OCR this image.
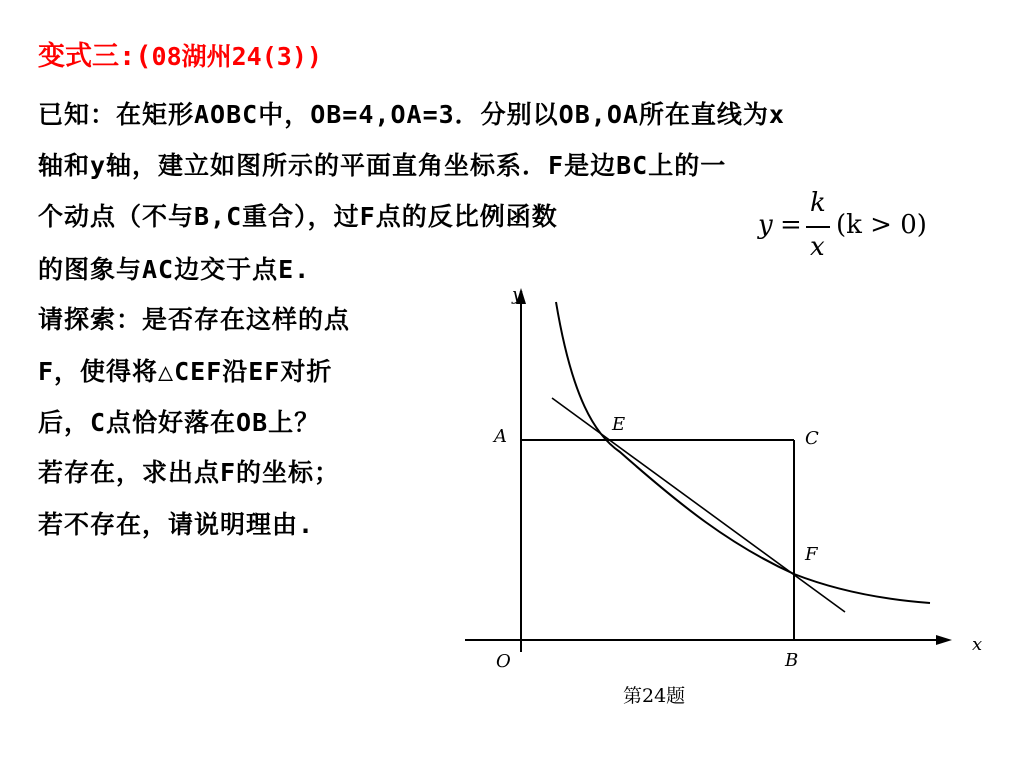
变式三:(08湖州24(3))
已知：在矩形AOBC中，OB=4,OA=3．分别以OB,OA所在直线为x
轴和y轴，建立如图所示的平面直角坐标系．F是边BC上的一
个动点（不与B,C重合），过F点的反比例函数
的图象与AC边交于点E.
请探索：是否存在这样的点
F，使得将△CEF沿EF对折
后，C点恰好落在OB上？
若存在，求出点F的坐标；
若不存在，请说明理由.
y =
k
x
(k > 0)
y
x
A
E
C
F
O	B
第24题
